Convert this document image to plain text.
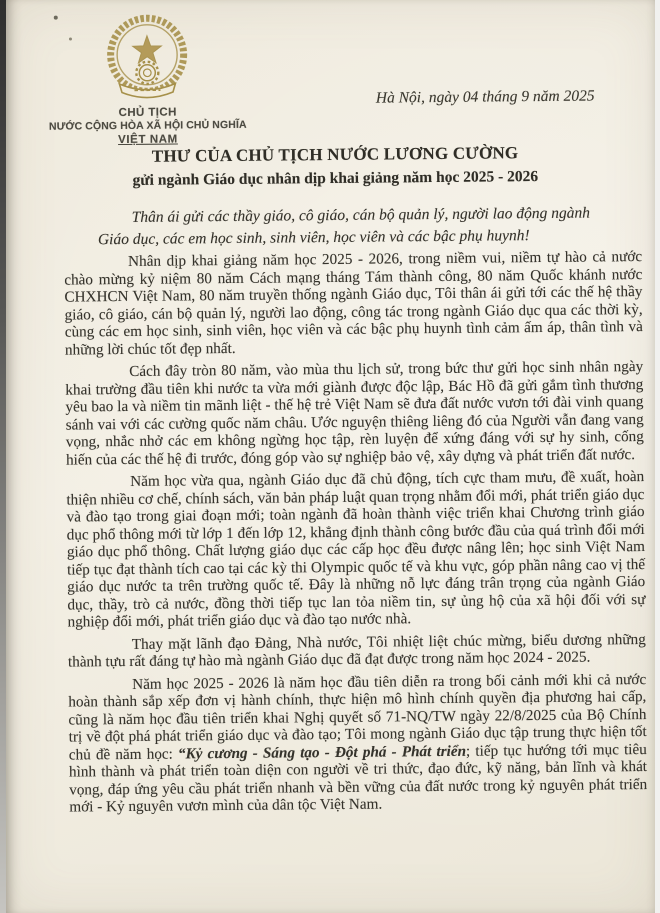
CHỦ TỊCH
NƯỚC CỘNG HÒA XÃ HỘI CHỦ NGHĨA
VIỆT NAM
Hà Nội, ngày 04 tháng 9 năm 2025
THƯ CỦA CHỦ TỊCH NƯỚC LƯƠNG CƯỜNG
gửi ngành Giáo dục nhân dịp khai giảng năm học 2025 - 2026
Thân ái gửi các thầy giáo, cô giáo, cán bộ quản lý, người lao động ngành Giáo dục, các em học sinh, sinh viên, học viên và các bậc phụ huynh!

Nhân dịp khai giảng năm học 2025 - 2026, trong niềm vui, niềm tự hào cả nước chào mừng kỷ niệm 80 năm Cách mạng tháng Tám thành công, 80 năm Quốc khánh nước CHXHCN Việt Nam, 80 năm truyền thống ngành Giáo dục, Tôi thân ái gửi tới các thế hệ thầy giáo, cô giáo, cán bộ quản lý, người lao động, công tác trong ngành Giáo dục qua các thời kỳ, cùng các em học sinh, sinh viên, học viên và các bậc phụ huynh tình cảm ấm áp, thân tình và những lời chúc tốt đẹp nhất.

Cách đây tròn 80 năm, vào mùa thu lịch sử, trong bức thư gửi học sinh nhân ngày khai trường đầu tiên khi nước ta vừa mới giành được độc lập, Bác Hồ đã gửi gắm tình thương yêu bao la và niềm tin mãnh liệt - thế hệ trẻ Việt Nam sẽ đưa đất nước vươn tới đài vinh quang sánh vai với các cường quốc năm châu. Ước nguyện thiêng liêng đó của Người vẫn đang vang vọng, nhắc nhở các em không ngừng học tập, rèn luyện để xứng đáng với sự hy sinh, cống hiến của các thế hệ đi trước, đóng góp vào sự nghiệp bảo vệ, xây dựng và phát triển đất nước.

Năm học vừa qua, ngành Giáo dục đã chủ động, tích cực tham mưu, đề xuất, hoàn thiện nhiều cơ chế, chính sách, văn bản pháp luật quan trọng nhằm đổi mới, phát triển giáo dục và đào tạo trong giai đoạn mới; toàn ngành đã hoàn thành việc triển khai Chương trình giáo dục phổ thông mới từ lớp 1 đến lớp 12, khẳng định thành công bước đầu của quá trình đổi mới giáo dục phổ thông. Chất lượng giáo dục các cấp học đều được nâng lên; học sinh Việt Nam tiếp tục đạt thành tích cao tại các kỳ thi Olympic quốc tế và khu vực, góp phần nâng cao vị thế giáo dục nước ta trên trường quốc tế. Đây là những nỗ lực đáng trân trọng của ngành Giáo dục, thầy, trò cả nước, đồng thời tiếp tục lan tỏa niềm tin, sự ủng hộ của xã hội đối với sự nghiệp đổi mới, phát triển giáo dục và đào tạo nước nhà.

Thay mặt lãnh đạo Đảng, Nhà nước, Tôi nhiệt liệt chúc mừng, biểu dương những thành tựu rất đáng tự hào mà ngành Giáo dục đã đạt được trong năm học 2024 - 2025.

Năm học 2025 - 2026 là năm học đầu tiên diễn ra trong bối cảnh mới khi cả nước hoàn thành sắp xếp đơn vị hành chính, thực hiện mô hình chính quyền địa phương hai cấp, cũng là năm học đầu tiên triển khai Nghị quyết số 71-NQ/TW ngày 22/8/2025 của Bộ Chính trị về đột phá phát triển giáo dục và đào tạo; Tôi mong ngành Giáo dục tập trung thực hiện tốt chủ đề năm học: “Kỷ cương - Sáng tạo - Đột phá - Phát triển; tiếp tục hướng tới mục tiêu hình thành và phát triển toàn diện con người về tri thức, đạo đức, kỹ năng, bản lĩnh và khát vọng, đáp ứng yêu cầu phát triển nhanh và bền vững của đất nước trong kỷ nguyên phát triển mới - Kỷ nguyên vươn mình của dân tộc Việt Nam.
